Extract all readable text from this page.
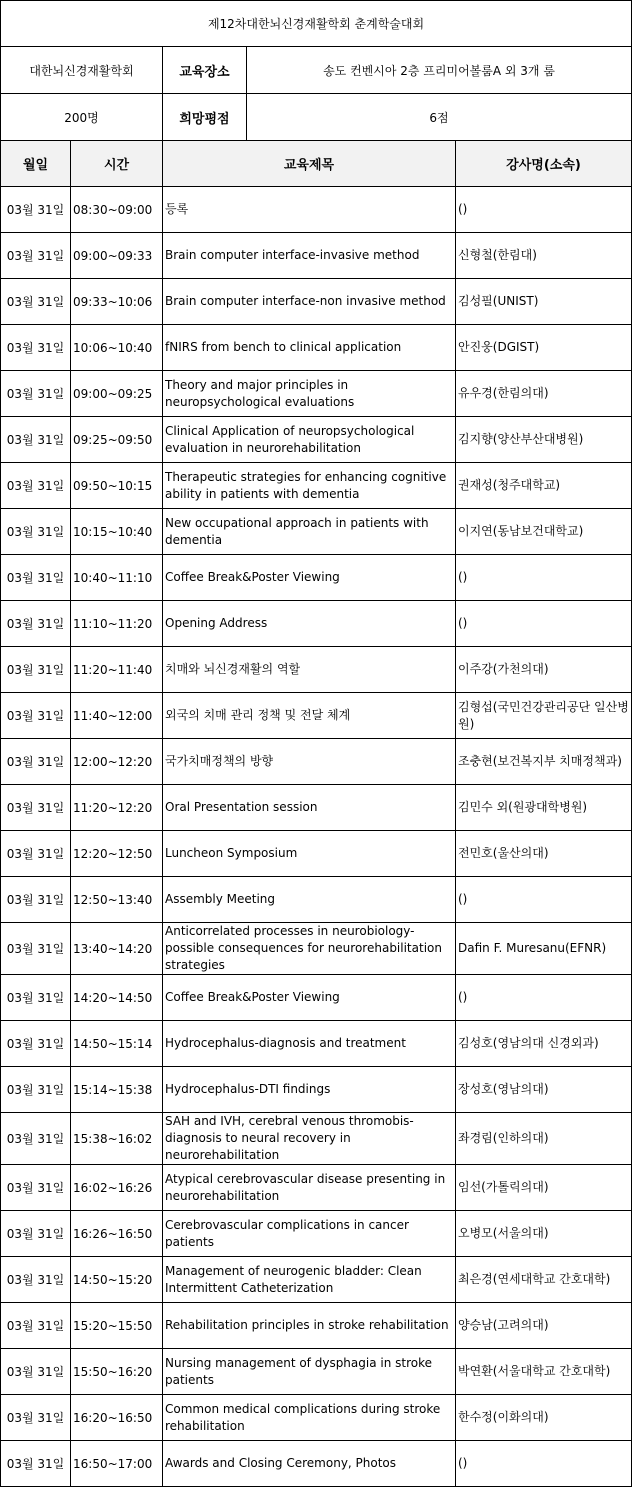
제12차대한뇌신경재활학회 춘계학술대회			
대한뇌신경재활학회		교육장소 송도 컨벤시아 2층 프리미어볼룸A 외 3개 룸	

200명		희망평점 6점	

월일	시간	교육제목	강사명(소속)
03월 31일	08:30~09:00	등록	()
03월 31일	09:00~09:33	Brain computer interface-invasive method	신형철(한림대)
03월 31일	09:33~10:06	Brain computer interface-non invasive method	김성필(UNIST)
03월 31일	10:06~10:40	fNIRS from bench to clinical application	안진웅(DGIST)
03월 31일	09:00~09:25	Theory and major principles in neuropsychological evaluations	유우경(한림의대)
03월 31일	09:25~09:50	Clinical Application of neuropsychological evaluation in neurorehabilitation	김지향(양산부산대병원)
03월 31일	09:50~10:15	Therapeutic strategies for enhancing cognitive ability in patients with dementia	권재성(청주대학교)
03월 31일	10:15~10:40	New occupational approach in patients with dementia	이지연(동남보건대학교)
03월 31일	10:40~11:10	Coffee Break&Poster Viewing	()
03월 31일	11:10~11:20	Opening Address	()
03월 31일	11:20~11:40	치매와 뇌신경재활의 역할	이주강(가천의대)
03월 31일	11:40~12:00	외국의 치매 관리 정책 및 전달 체계	김형섭(국민건강관리공단 일산병원)
03월 31일	12:00~12:20	국가치매정책의 방향	조충현(보건복지부 치매정책과)
03월 31일	11:20~12:20	Oral Presentation session	김민수 외(원광대학병원)
03월 31일	12:20~12:50	Luncheon Symposium	전민호(울산의대)
03월 31일	12:50~13:40	Assembly Meeting	()
03월 31일	13:40~14:20	Anticorrelated processes in neurobiology-possible consequences for neurorehabilitation strategies	Dafin F. Muresanu(EFNR)
03월 31일	14:20~14:50	Coffee Break&Poster Viewing	()
03월 31일	14:50~15:14	Hydrocephalus-diagnosis and treatment	김성호(영남의대 신경외과)
03월 31일	15:14~15:38	Hydrocephalus-DTI findings	장성호(영남의대)
03월 31일	15:38~16:02	SAH and IVH, cerebral venous thromobis-diagnosis to neural recovery in neurorehabilitation	좌경림(인하의대)
03월 31일	16:02~16:26	Atypical cerebrovascular disease presenting in neurorehabilitation	임선(가톨릭의대)
03월 31일	16:26~16:50	Cerebrovascular complications in cancer patients	오병모(서울의대)
03월 31일	14:50~15:20	Management of neurogenic bladder: Clean Intermittent Catheterization	최은경(연세대학교 간호대학)
03월 31일	15:20~15:50	Rehabilitation principles in stroke rehabilitation	양승남(고려의대)
03월 31일	15:50~16:20	Nursing management of dysphagia in stroke patients	박연환(서울대학교 간호대학)
03월 31일	16:20~16:50	Common medical complications during stroke rehabilitation	한수정(이화의대)
03월 31일	16:50~17:00	Awards and Closing Ceremony, Photos	()
